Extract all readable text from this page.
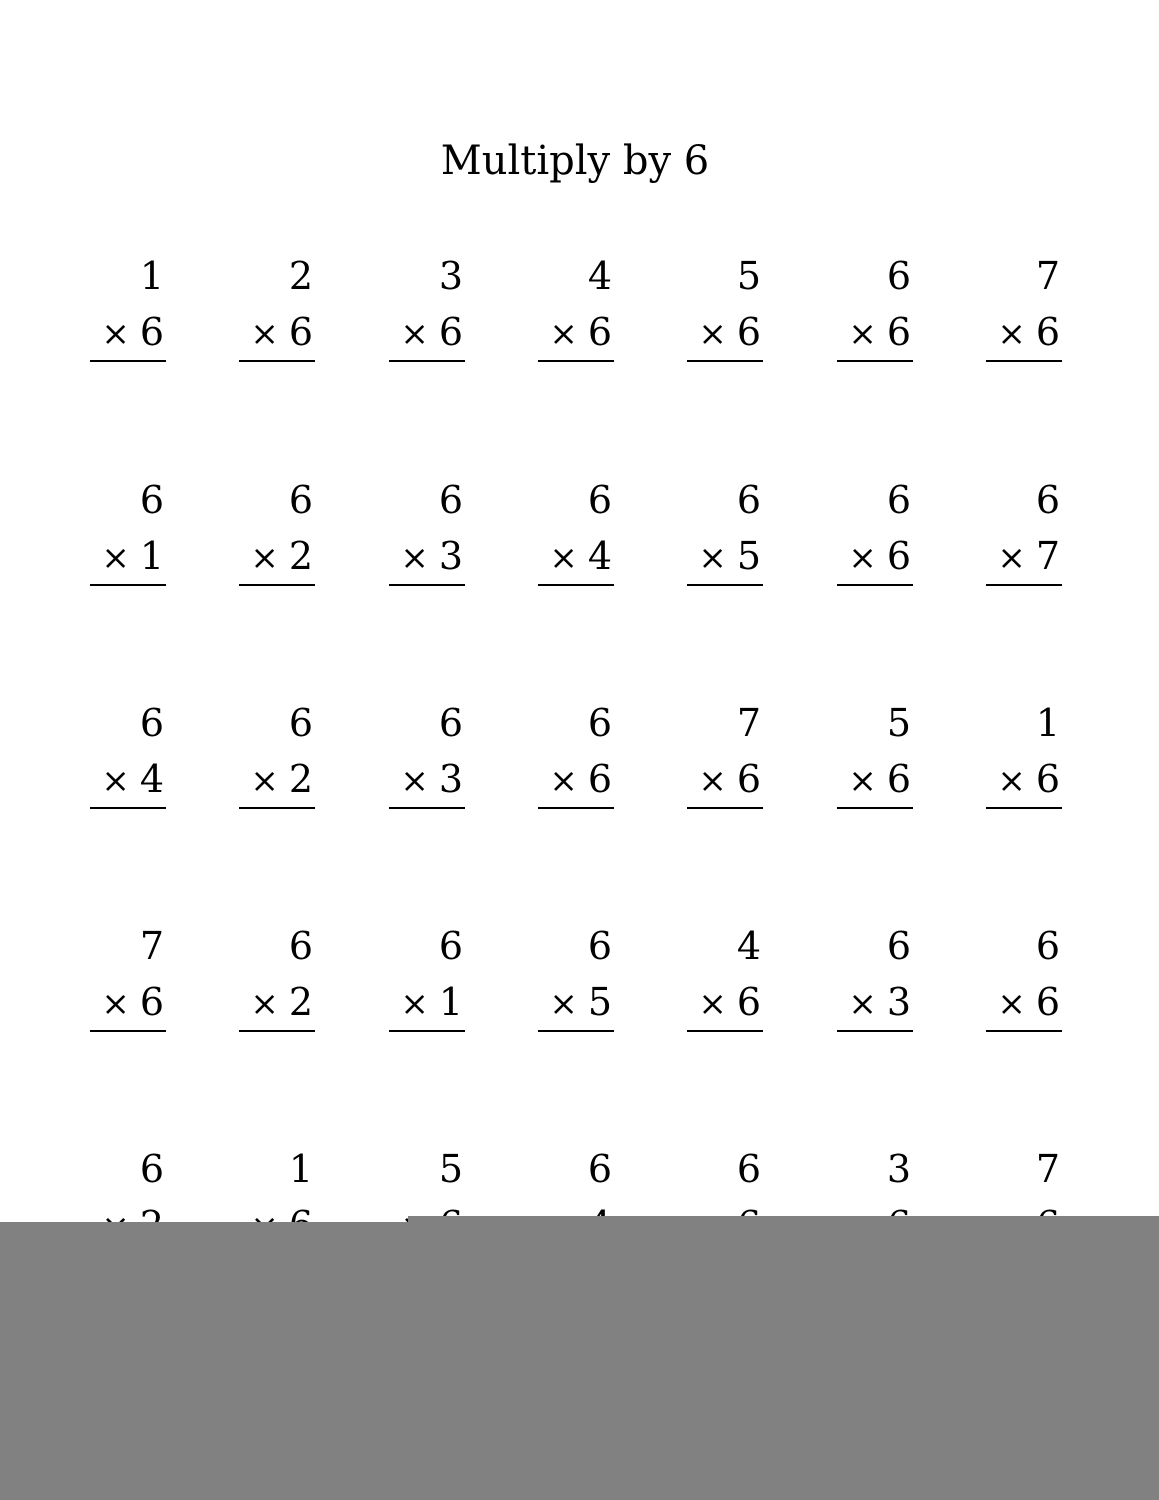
Multiply by 6
1
× 6
2
× 6
3
× 6
4
× 6
5
× 6
6
× 6
7
× 6
6
× 1
6
× 2
6
× 3
6
× 4
6
× 5
6
× 6
6
× 7
6
× 4
6
× 2
6
× 3
6
× 6
7
× 6
5
× 6
1
× 6
7
× 6
6
× 2
6
× 1
6
× 5
4
× 6
6
× 3
6
× 6
6	1	5	6	6	3	7
